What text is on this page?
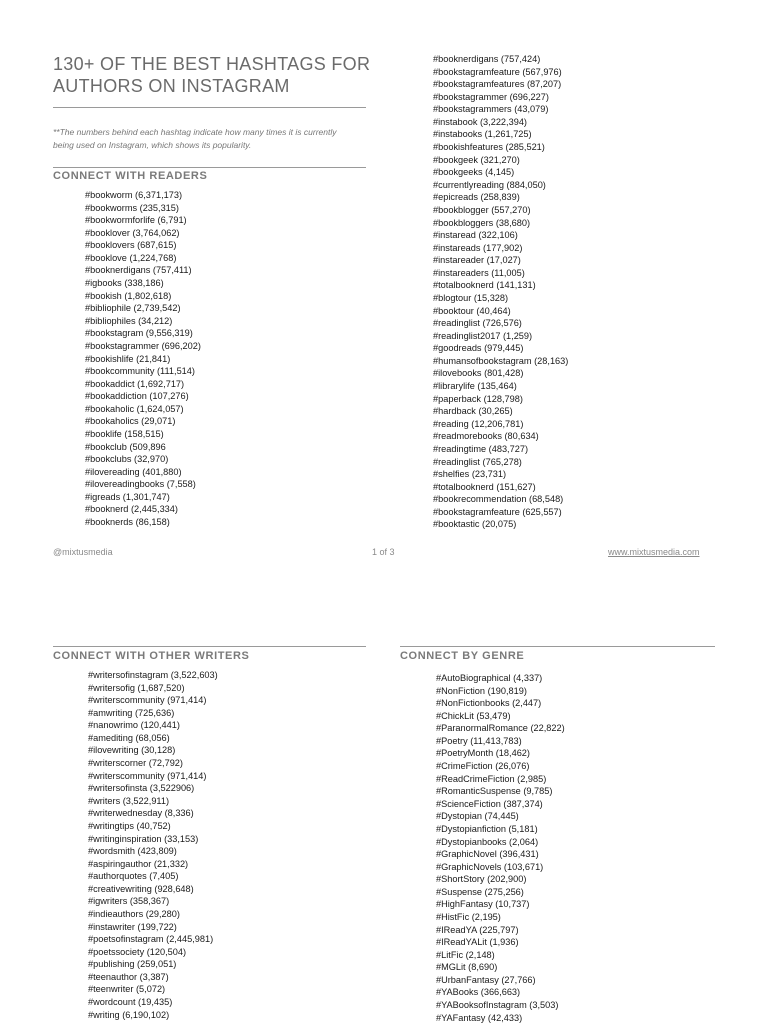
130+ OF THE BEST HASHTAGS FOR
AUTHORS ON INSTAGRAM

**The numbers behind each hashtag indicate how many times it is currently
being used on Instagram, which shows its popularity.

CONNECT WITH READERS
#bookworm (6,371,173)
#bookworms (235,315)
#bookwormforlife (6,791)
#booklover (3,764,062)
#booklovers (687,615)
#booklove (1,224,768)
#booknerdigans (757,411)
#igbooks (338,186)
#bookish (1,802,618)
#bibliophile (2,739,542)
#bibliophiles (34,212)
#bookstagram (9,556,319)
#bookstagrammer (696,202)
#bookishlife (21,841)
#bookcommunity (111,514)
#bookaddict (1,692,717)
#bookaddiction (107,276)
#bookaholic (1,624,057)
#bookaholics (29,071)
#booklife (158,515)
#bookclub (509,896
#bookclubs (32,970)
#ilovereading (401,880)
#ilovereadingbooks (7,558)
#igreads (1,301,747)
#booknerd (2,445,334)
#booknerds (86,158)
#booknerdigans (757,424)
#bookstagramfeature (567,976)
#bookstagramfeatures (87,207)
#bookstagrammer (696,227)
#bookstagrammers (43,079)
#instabook (3,222,394)
#instabooks (1,261,725)
#bookishfeatures (285,521)
#bookgeek (321,270)
#bookgeeks (4,145)
#currentlyreading (884,050)
#epicreads (258,839)
#bookblogger (557,270)
#bookbloggers (38,680)
#instaread (322,106)
#instareads (177,902)
#instareader (17,027)
#instareaders (11,005)
#totalbooknerd (141,131)
#blogtour (15,328)
#booktour (40,464)
#readinglist (726,576)
#readinglist2017 (1,259)
#goodreads (979,445)
#humansofbookstagram (28,163)
#ilovebooks (801,428)
#librarylife (135,464)
#paperback (128,798)
#hardback (30,265)
#reading (12,206,781)
#readmorebooks (80,634)
#readingtime (483,727)
#readinglist (765,278)
#shelfies (23,731)
#totalbooknerd (151,627)
#bookrecommendation (68,548)
#bookstagramfeature (625,557)
#booktastic (20,075)
@mixtusmedia	1 of 3	www.mixtusmedia.com
CONNECT WITH OTHER WRITERS
#writersofinstagram (3,522,603)
#writersofig (1,687,520)
#writerscommunity (971,414)
#amwriting (725,636)
#nanowrimo (120,441)
#amediting (68,056)
#ilovewriting (30,128)
#writerscorner (72,792)
#writerscommunity (971,414)
#writersofinsta (3,522906)
#writers (3,522,911)
#writerwednesday (8,336)
#writingtips (40,752)
#writinginspiration (33,153)
#wordsmith (423,809)
#aspiringauthor (21,332)
#authorquotes (7,405)
#creativewriting (928,648)
#igwriters (358,367)
#indieauthors (29,280)
#instawriter (199,722)
#poetsofinstagram (2,445,981)
#poetssociety (120,504)
#publishing (259,051)
#teenauthor (3,387)
#teenwriter (5,072)
#wordcount (19,435)
#writing (6,190,102)
CONNECT BY GENRE
#AutoBiographical (4,337)
#NonFiction (190,819)
#NonFictionbooks (2,447)
#ChickLit (53,479)
#ParanormalRomance (22,822)
#Poetry (11,413,783)
#PoetryMonth (18,462)
#CrimeFiction (26,076)
#ReadCrimeFiction (2,985)
#RomanticSuspense (9,785)
#ScienceFiction (387,374)
#Dystopian (74,445)
#Dystopianfiction (5,181)
#Dystopianbooks (2,064)
#GraphicNovel (396,431)
#GraphicNovels (103,671)
#ShortStory (202,900)
#Suspense (275,256)
#HighFantasy (10,737)
#HistFic (2,195)
#IReadYA (225,797)
#IReadYALit (1,936)
#LitFic (2,148)
#MGLit (8,690)
#UrbanFantasy (27,766)
#YABooks (366,663)
#YABooksofInstagram (3,503)
#YAFantasy (42,433)
